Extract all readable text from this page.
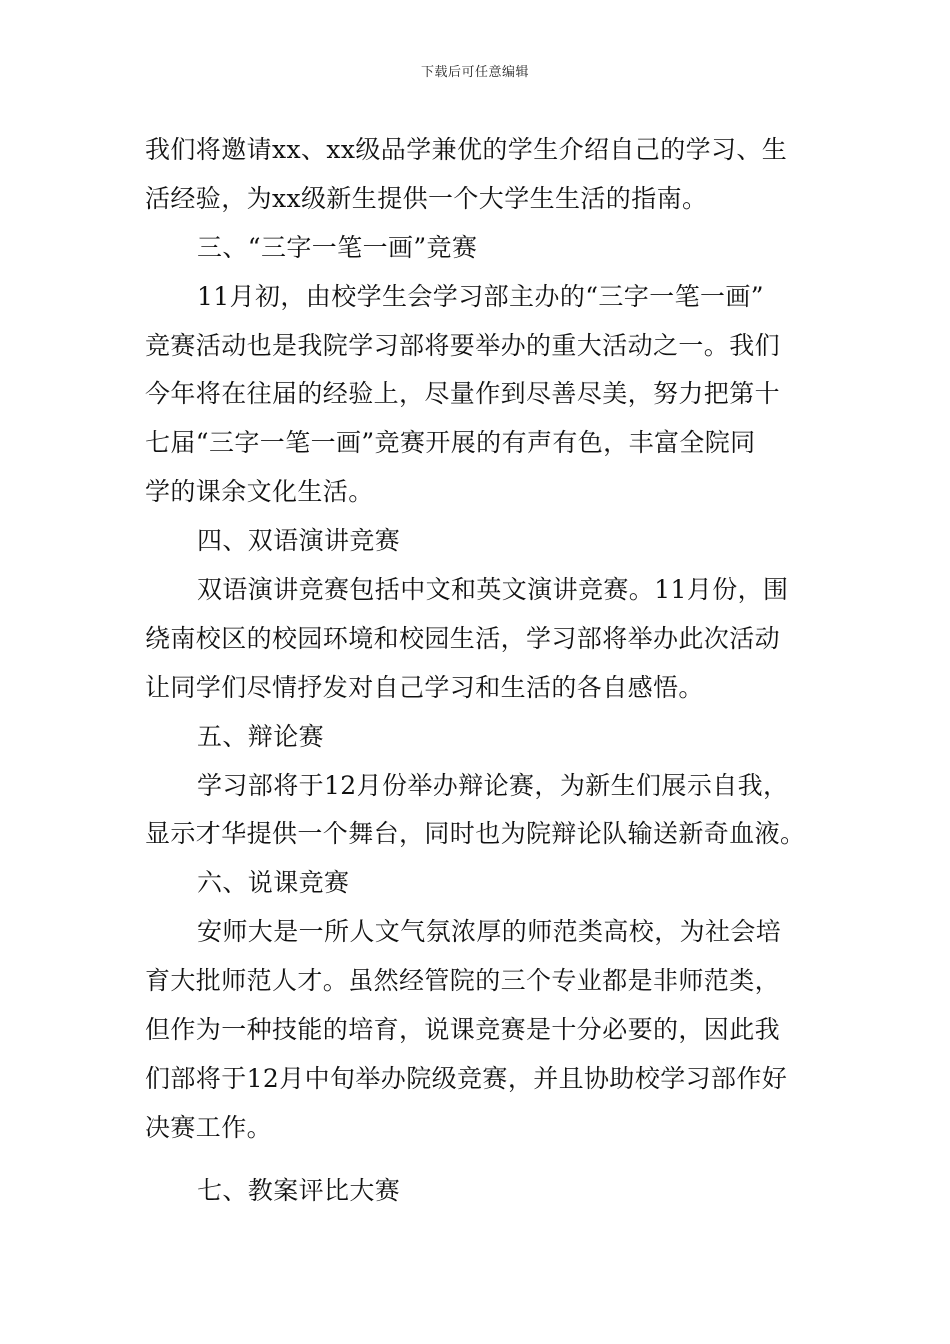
下载后可任意编辑
我们将邀请xx、xx级品学兼优的学生介绍自己的学习、生
活经验，为xx级新生提供一个大学生生活的指南。
三、“三字一笔一画”竞赛
11月初，由校学生会学习部主办的“三字一笔一画”
竞赛活动也是我院学习部将要举办的重大活动之一。我们
今年将在往届的经验上，尽量作到尽善尽美，努力把第十
七届“三字一笔一画”竞赛开展的有声有色，丰富全院同
学的课余文化生活。
四、双语演讲竞赛
双语演讲竞赛包括中文和英文演讲竞赛。11月份，围
绕南校区的校园环境和校园生活，学习部将举办此次活动
让同学们尽情抒发对自己学习和生活的各自感悟。
五、辩论赛
学习部将于12月份举办辩论赛，为新生们展示自我，
显示才华提供一个舞台，同时也为院辩论队输送新奇血液。
六、说课竞赛
安师大是一所人文气氛浓厚的师范类高校，为社会培
育大批师范人才。虽然经管院的三个专业都是非师范类，
但作为一种技能的培育，说课竞赛是十分必要的，因此我
们部将于12月中旬举办院级竞赛，并且协助校学习部作好
决赛工作。
七、教案评比大赛
